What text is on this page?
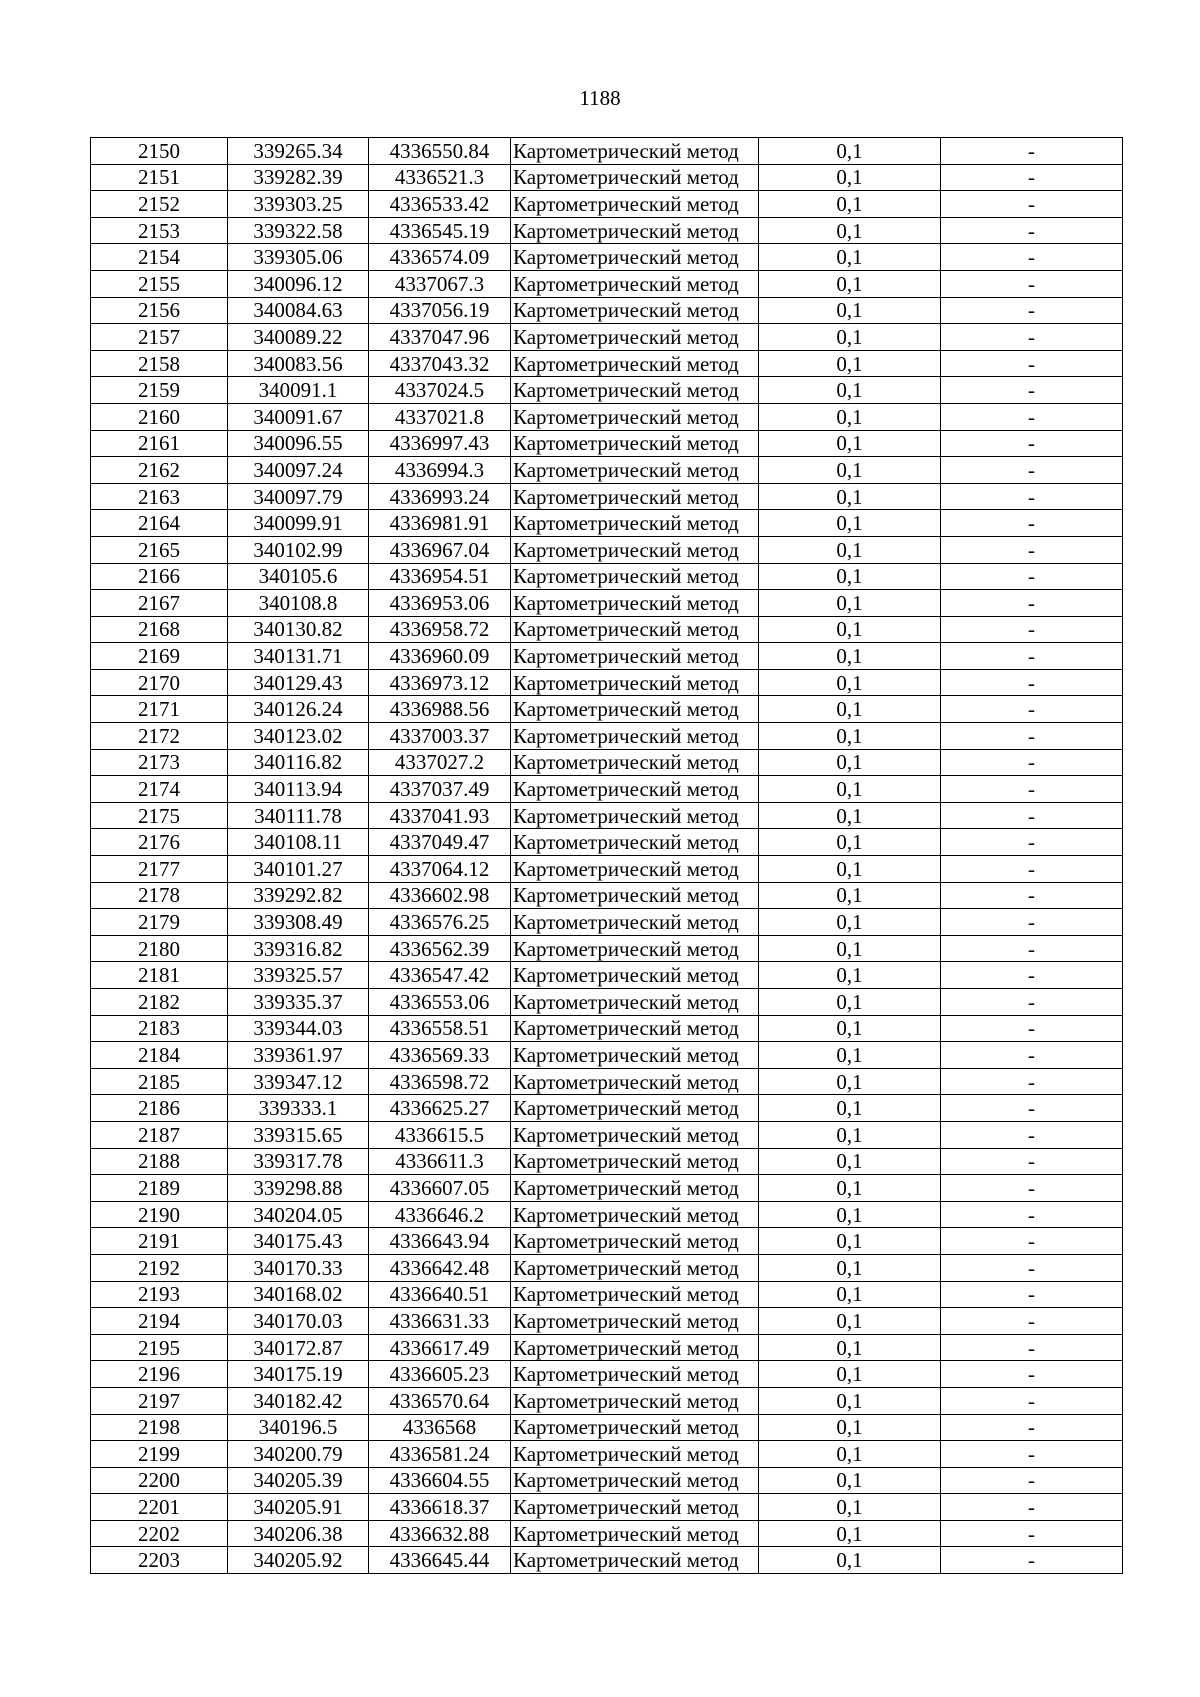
1188
2150	339265.34	4336550.84	Картометрический метод	0,1	-
2151	339282.39	4336521.3	Картометрический метод	0,1	-
2152	339303.25	4336533.42	Картометрический метод	0,1	-
2153	339322.58	4336545.19	Картометрический метод	0,1	-
2154	339305.06	4336574.09	Картометрический метод	0,1	-
2155	340096.12	4337067.3	Картометрический метод	0,1	-
2156	340084.63	4337056.19	Картометрический метод	0,1	-
2157	340089.22	4337047.96	Картометрический метод	0,1	-
2158	340083.56	4337043.32	Картометрический метод	0,1	-
2159	340091.1	4337024.5	Картометрический метод	0,1	-
2160	340091.67	4337021.8	Картометрический метод	0,1	-
2161	340096.55	4336997.43	Картометрический метод	0,1	-
2162	340097.24	4336994.3	Картометрический метод	0,1	-
2163	340097.79	4336993.24	Картометрический метод	0,1	-
2164	340099.91	4336981.91	Картометрический метод	0,1	-
2165	340102.99	4336967.04	Картометрический метод	0,1	-
2166	340105.6	4336954.51	Картометрический метод	0,1	-
2167	340108.8	4336953.06	Картометрический метод	0,1	-
2168	340130.82	4336958.72	Картометрический метод	0,1	-
2169	340131.71	4336960.09	Картометрический метод	0,1	-
2170	340129.43	4336973.12	Картометрический метод	0,1	-
2171	340126.24	4336988.56	Картометрический метод	0,1	-
2172	340123.02	4337003.37	Картометрический метод	0,1	-
2173	340116.82	4337027.2	Картометрический метод	0,1	-
2174	340113.94	4337037.49	Картометрический метод	0,1	-
2175	340111.78	4337041.93	Картометрический метод	0,1	-
2176	340108.11	4337049.47	Картометрический метод	0,1	-
2177	340101.27	4337064.12	Картометрический метод	0,1	-
2178	339292.82	4336602.98	Картометрический метод	0,1	-
2179	339308.49	4336576.25	Картометрический метод	0,1	-
2180	339316.82	4336562.39	Картометрический метод	0,1	-
2181	339325.57	4336547.42	Картометрический метод	0,1	-
2182	339335.37	4336553.06	Картометрический метод	0,1	-
2183	339344.03	4336558.51	Картометрический метод	0,1	-
2184	339361.97	4336569.33	Картометрический метод	0,1	-
2185	339347.12	4336598.72	Картометрический метод	0,1	-
2186	339333.1	4336625.27	Картометрический метод	0,1	-
2187	339315.65	4336615.5	Картометрический метод	0,1	-
2188	339317.78	4336611.3	Картометрический метод	0,1	-
2189	339298.88	4336607.05	Картометрический метод	0,1	-
2190	340204.05	4336646.2	Картометрический метод	0,1	-
2191	340175.43	4336643.94	Картометрический метод	0,1	-
2192	340170.33	4336642.48	Картометрический метод	0,1	-
2193	340168.02	4336640.51	Картометрический метод	0,1	-
2194	340170.03	4336631.33	Картометрический метод	0,1	-
2195	340172.87	4336617.49	Картометрический метод	0,1	-
2196	340175.19	4336605.23	Картометрический метод	0,1	-
2197	340182.42	4336570.64	Картометрический метод	0,1	-
2198	340196.5	4336568	Картометрический метод	0,1	-
2199	340200.79	4336581.24	Картометрический метод	0,1	-
2200	340205.39	4336604.55	Картометрический метод	0,1	-
2201	340205.91	4336618.37	Картометрический метод	0,1	-
2202	340206.38	4336632.88	Картометрический метод	0,1	-
2203	340205.92	4336645.44	Картометрический метод	0,1	-
